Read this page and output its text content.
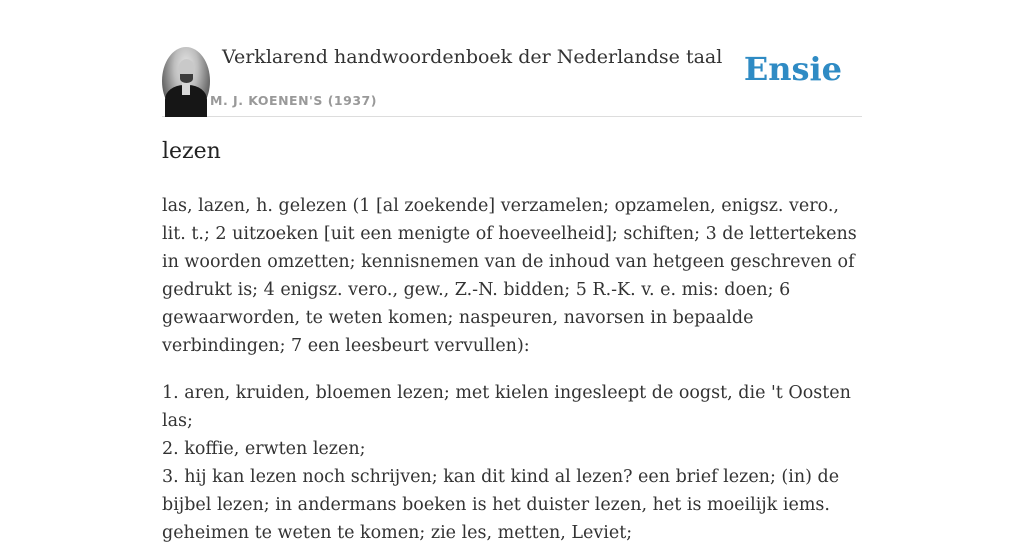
Verklarend handwoordenboek der Nederlandse taal
M. J. KOENEN'S (1937)
Ensie
lezen

las, lazen, h. gelezen (1 [al zoekende] verzamelen; opzamelen, enigsz. vero., lit. t.; 2 uitzoeken [uit een menigte of hoeveelheid]; schiften; 3 de lettertekens in woorden omzetten; kennisnemen van de inhoud van hetgeen geschreven of gedrukt is; 4 enigsz. vero., gew., Z.-N. bidden; 5 R.-K. v. e. mis: doen; 6 gewaarworden, te weten komen; naspeuren, navorsen in bepaalde verbindingen; 7 een leesbeurt vervullen):

1. aren, kruiden, bloemen lezen; met kielen ingesleept de oogst, die 't Oosten las;
2. koffie, erwten lezen;
3. hij kan lezen noch schrijven; kan dit kind al lezen? een brief lezen; (in) de bijbel lezen; in andermans boeken is het duister lezen, het is moeilijk iems. geheimen te weten te komen; zie les, metten, Leviet;
